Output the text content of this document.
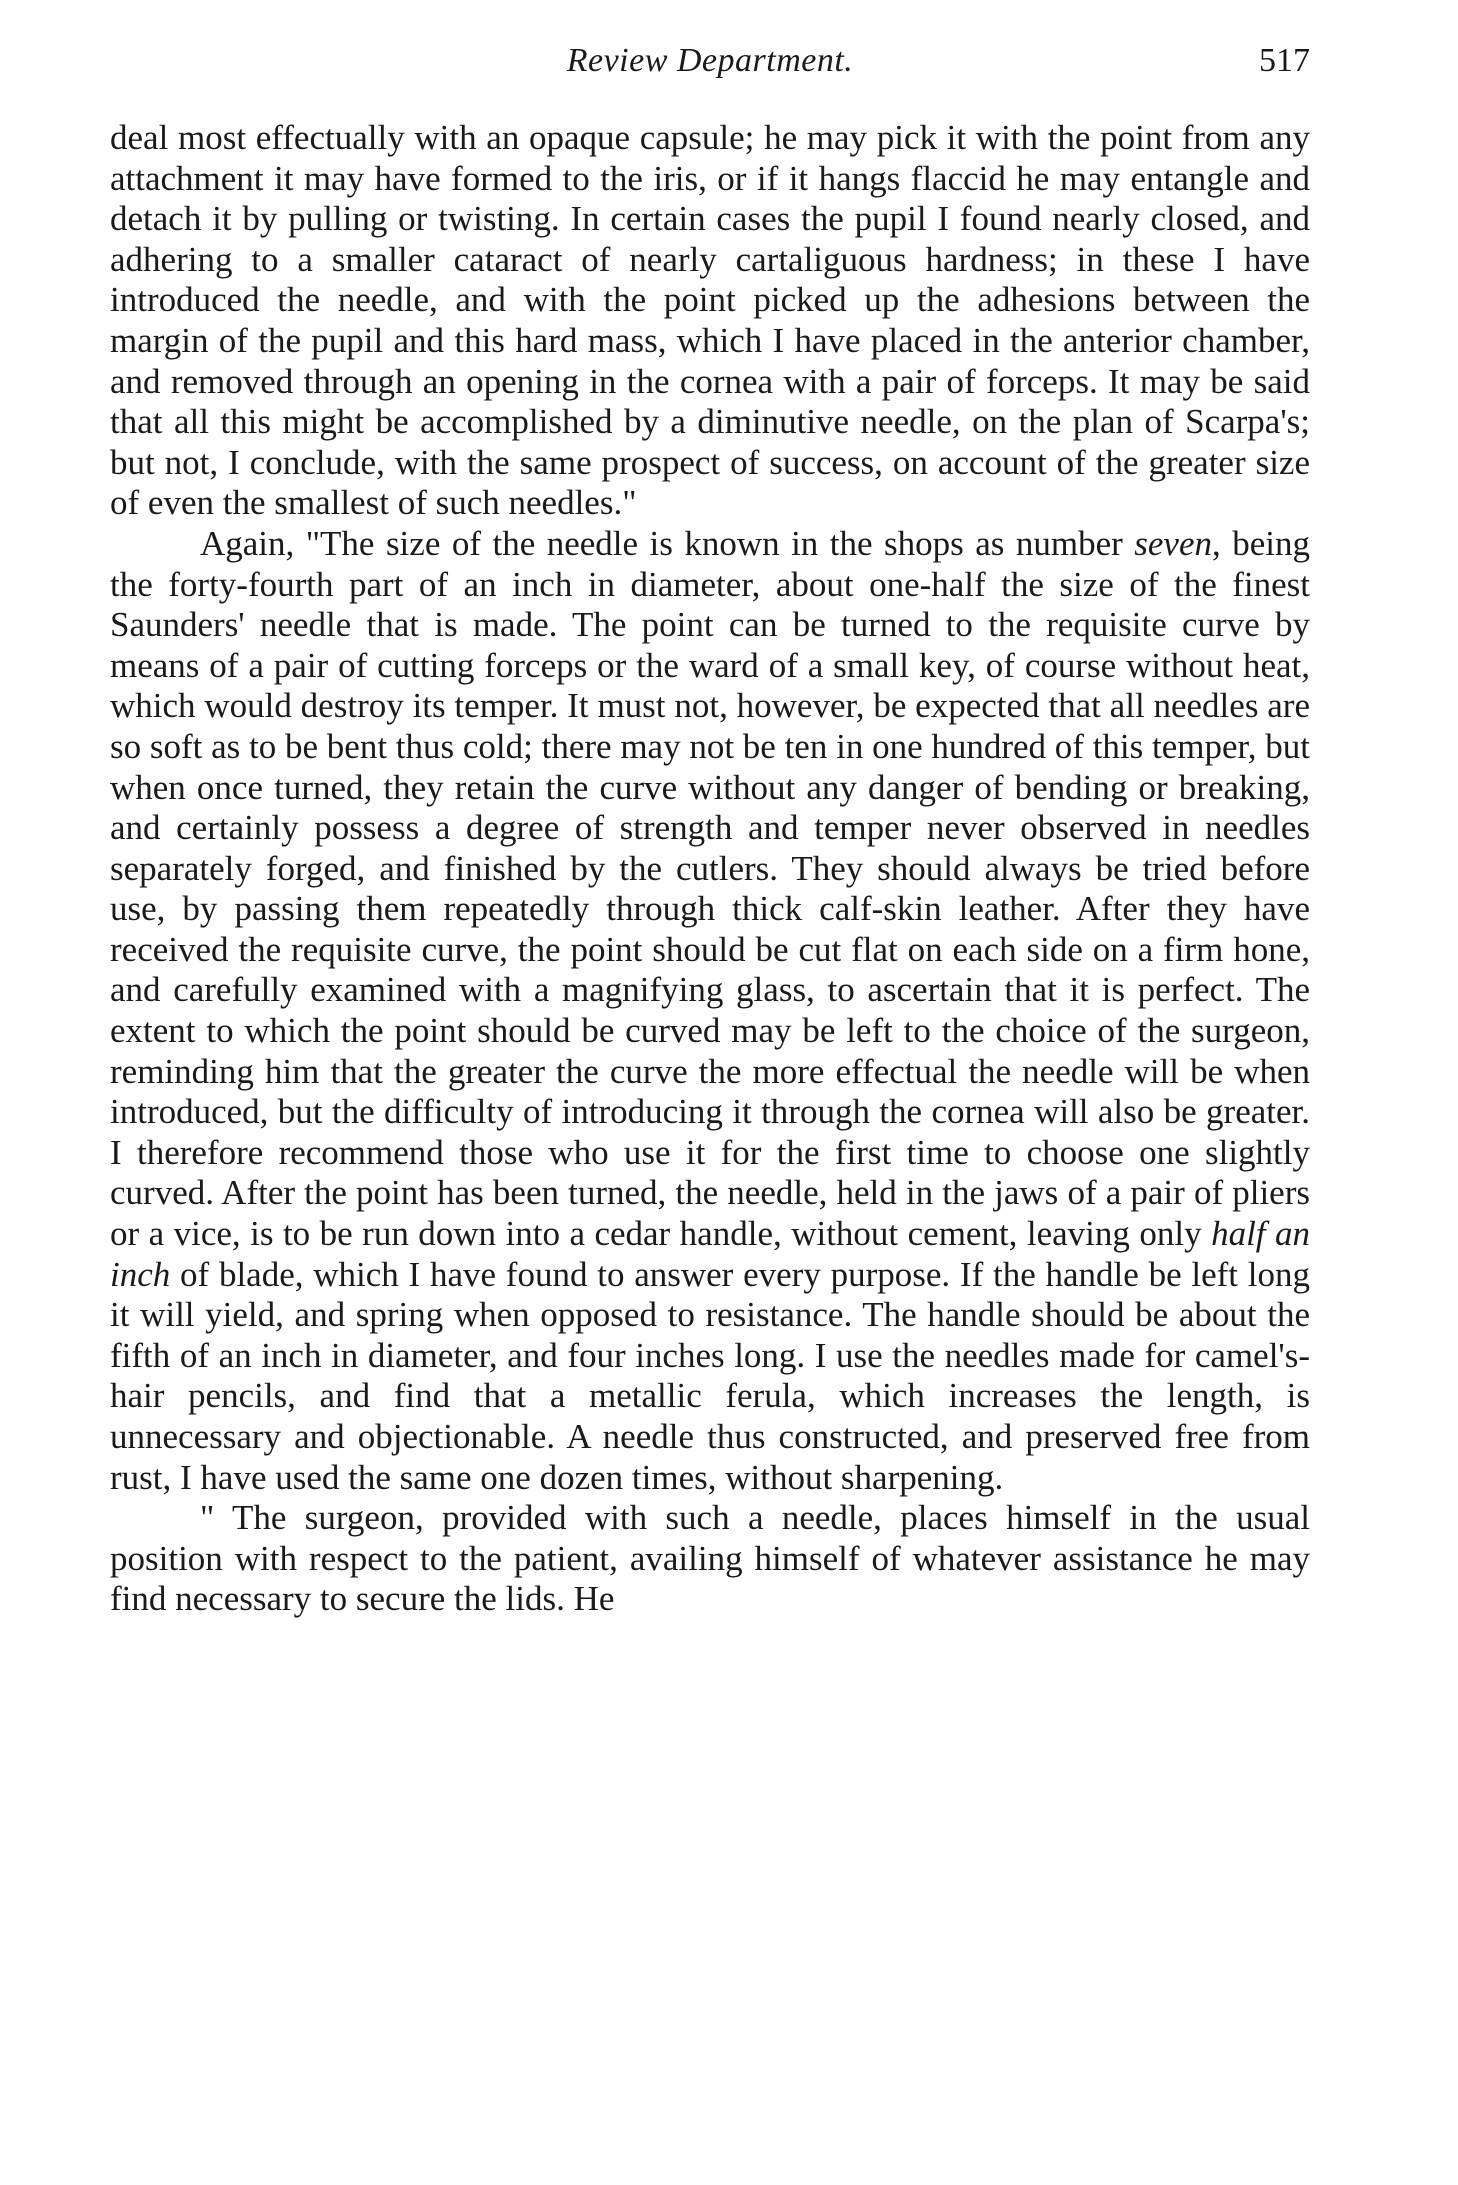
Review Department.	517

deal most effectually with an opaque capsule; he may pick it with the point from any attachment it may have formed to the iris, or if it hangs flaccid he may entangle and detach it by pulling or twisting. In certain cases the pupil I found nearly closed, and adhering to a smaller cataract of nearly cartaliguous hardness; in these I have introduced the needle, and with the point picked up the adhesions between the margin of the pupil and this hard mass, which I have placed in the anterior chamber, and removed through an opening in the cornea with a pair of forceps. It may be said that all this might be accomplished by a diminutive needle, on the plan of Scarpa's; but not, I conclude, with the same prospect of success, on account of the greater size of even the smallest of such needles."

Again, "The size of the needle is known in the shops as number seven, being the forty-fourth part of an inch in diameter, about one-half the size of the finest Saunders' needle that is made. The point can be turned to the requisite curve by means of a pair of cutting forceps or the ward of a small key, of course without heat, which would destroy its temper. It must not, however, be expected that all needles are so soft as to be bent thus cold; there may not be ten in one hundred of this temper, but when once turned, they retain the curve without any danger of bending or breaking, and certainly possess a degree of strength and temper never observed in needles separately forged, and finished by the cutlers. They should always be tried before use, by passing them repeatedly through thick calf-skin leather. After they have received the requisite curve, the point should be cut flat on each side on a firm hone, and carefully examined with a magnifying glass, to ascertain that it is perfect. The extent to which the point should be curved may be left to the choice of the surgeon, reminding him that the greater the curve the more effectual the needle will be when introduced, but the difficulty of introducing it through the cornea will also be greater. I therefore recommend those who use it for the first time to choose one slightly curved. After the point has been turned, the needle, held in the jaws of a pair of pliers or a vice, is to be run down into a cedar handle, without cement, leaving only half an inch of blade, which I have found to answer every purpose. If the handle be left long it will yield, and spring when opposed to resistance. The handle should be about the fifth of an inch in diameter, and four inches long. I use the needles made for camel's-hair pencils, and find that a metallic ferula, which increases the length, is unnecessary and objectionable. A needle thus constructed, and preserved free from rust, I have used the same one dozen times, without sharpening.

" The surgeon, provided with such a needle, places himself in the usual position with respect to the patient, availing himself of whatever assistance he may find necessary to secure the lids. He
